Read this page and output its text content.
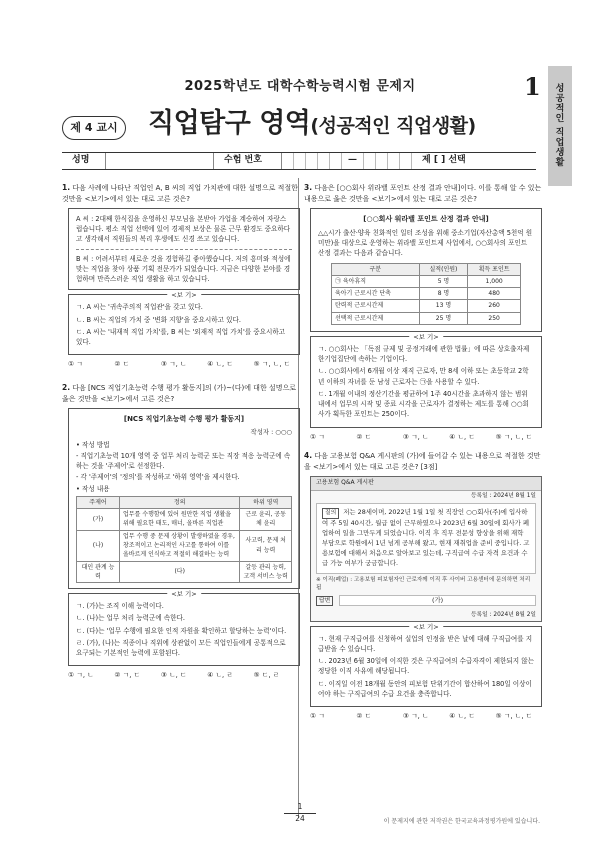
2025학년도 대학수학능력시험 문제지	1 성
공
적
인
직
업
생
활
제 4 교시	직업탐구 영역(성공적인 직업생활)
성명	수험 번호	—	제 [ ] 선택
1. 다음 사례에 나타난 직업인 A, B 씨의 직업 가치관에 대한 설명으로 적절한 것만을 <보기>에서 있는 대로 고른 것은?

A 씨 : 2대째 한식집을 운영하신 부모님을 본받아 가업을 계승하여 자랑스럽습니다. 평소 직업 선택에 있어 경제적 보상은 물론 근무 환경도 중요하다고 생각해서 직원들의 복리 후생에도 신경 쓰고 있습니다.

B 씨 : 어려서부터 새로운 것을 경험하길 좋아했습니다. 저의 흥미와 적성에 맞는 직업을 찾아 상품 기획 전문가가 되었습니다. 지금은 다양한 분야를 경험하며 만족스러운 직업 생활을 하고 있습니다.

<보 기>

ㄱ. A 씨는 '귀속주의적 직업관'을 갖고 있다.

ㄴ. B 씨는 직업의 가치 중 '변화 지향'을 중요시하고 있다.

ㄷ. A 씨는 '내재적 직업 가치'를, B 씨는 '외재적 직업 가치'를 중요시하고 있다.

① ㄱ	② ㄷ	③ ㄱ, ㄴ	④ ㄴ, ㄷ	⑤ ㄱ, ㄴ, ㄷ
2. 다음 [NCS 직업기초능력 수행 평가 활동지]의 (가)~(다)에 대한 설명으로 옳은 것만을 <보기>에서 고른 것은?
[NCS 직업기초능력 수행 평가 활동지]
작성자 : ○○○

• 작성 방법

- 직업기초능력 10개 영역 중 업무 처리 능력군 또는 직장 적응 능력군에 속하는 것을 '주제어'로 선정한다.

- 각 '주제어'의 '정의'를 작성하고 '하위 영역'을 제시한다.

• 작성 내용

주제어	정의	하위 영역
(가)	업무를 수행함에 있어 원만한 직업 생활을 위해 필요한 태도, 매너, 올바른 직업관	근로 윤리, 공동체 윤리
(나)	업무 수행 중 문제 상황이 발생하였을 경우, 창조적이고 논리적인 사고를 통하여 이를 올바르게 인식하고 적절히 해결하는 능력	사고력, 문제 처리 능력
대인 관계 능력	(다)	갈등 관리 능력, 고객 서비스 능력
<보 기>

ㄱ. (가)는 조직 이해 능력이다.

ㄴ. (나)는 업무 처리 능력군에 속한다.

ㄷ. (다)는 '업무 수행에 필요한 인적 자원을 확인하고 할당하는 능력'이다.

ㄹ. (가), (나)는 직종이나 직위에 상관없이 모든 직업인들에게 공통적으로 요구되는 기본적인 능력에 포함된다.

① ㄱ, ㄴ	② ㄱ, ㄷ	③ ㄴ, ㄷ	④ ㄴ, ㄹ	⑤ ㄷ, ㄹ
3. 다음은 [○○회사 위라밸 포인트 산정 결과 안내]이다. 이를 통해 알 수 있는 내용으로 옳은 것만을 <보기>에서 있는 대로 고른 것은?
[○○회사 워라밸 포인트 산정 결과 안내]

△△시가 출산·양육 친화적인 일터 조성을 위해 중소기업(자산총액 5천억 원 미만)을 대상으로 운영하는 위라밸 포인트제 사업에서, ○○회사의 포인트 산정 결과는 다음과 같습니다.

구분	실적(인원)	획득 포인트
㉠ 육아휴직	5 명	1,000
육아기 근로시간 단축	8 명	480
탄력적 근로시간제	13 명	260
선택적 근로시간제	25 명	250
<보 기>

ㄱ. ○○회사는 「독점 규제 및 공정거래에 관한 법률」에 따른 상호출자제한기업집단에 속하는 기업이다.

ㄴ. ○○회사에서 6개월 이상 재직 근로자, 만 8세 이하 또는 초등학교 2학년 이하의 자녀를 둔 남성 근로자는 ㉠을 사용할 수 있다.

ㄷ. 1개월 이내의 정산기간을 평균하여 1주 40시간을 초과하지 않는 범위 내에서 업무의 시작 및 종료 시각을 근로자가 결정하는 제도를 통해 ○○회사가 획득한 포인트는 250이다.

① ㄱ	② ㄷ	③ ㄱ, ㄴ	④ ㄴ, ㄷ	⑤ ㄱ, ㄴ, ㄷ
4. 다음 고용보험 Q&A 게시판의 (가)에 들어갈 수 있는 내용으로 적절한 것만을 <보기>에서 있는 대로 고른 것은? [3점]
고용보험 Q&A 게시판
등록일 : 2024년 8월 1일
질의 저는 28세이며, 2022년 1월 1일 첫 직장인 ○○회사(주)에 입사하여 주 5일 40시간, 월급 없이 근무하였으나 2023년 6월 30일에 회사가 폐업하여 일을 그만두게 되었습니다. 이직 후 직무 전문성 향상을 위해 재학 부담으로 학원에서 1년 넘게 공부해 왔고, 현재 재취업을 준비 중입니다. 고용보험에 대해서 처음으로 알아보고 있는데, 구직급여 수급 자격 요건과 수급 가능 여부가 궁금합니다.
※ 이직(폐업) : 고용보험 피보험자인 근로자께 이직 후 사이버 고용센터에 문의하면 처리 됩
답변	(가)
등록일 : 2024년 8월 2일
<보 기>

ㄱ. 현재 구직급여를 신청하여 실업의 인정을 받은 날에 대해 구직급여를 지급받을 수 있습니다.

ㄴ. 2023년 6월 30일에 이직한 것은 구직급여의 수급자격이 제한되지 않는 정당한 이직 사유에 해당됩니다.

ㄷ. 이직일 이전 18개월 동안의 피보험 단위기간이 합산하여 180일 이상이어야 하는 구직급여의 수급 요건을 충족합니다.

① ㄱ	② ㄷ	③ ㄱ, ㄴ	④ ㄴ, ㄷ	⑤ ㄱ, ㄴ, ㄷ
1
24	이 문제지에 관한 저작권은 한국교육과정평가원에 있습니다.
